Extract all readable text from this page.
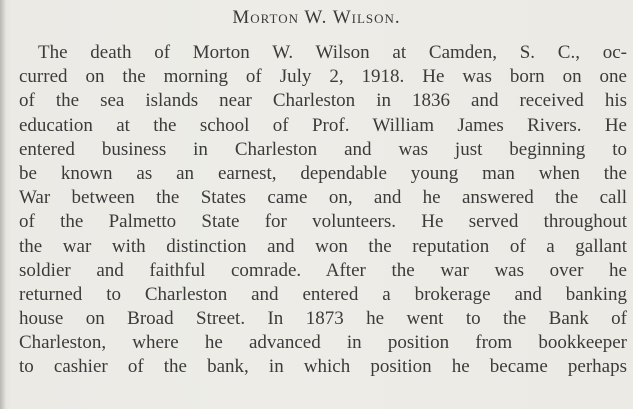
Morton W. Wilson.
The death of Morton W. Wilson at Camden, S. C., oc-
curred on the morning of July 2, 1918. He was born on one
of the sea islands near Charleston in 1836 and received his
education at the school of Prof. William James Rivers. He
entered business in Charleston and was just beginning to
be known as an earnest, dependable young man when the
War between the States came on, and he answered the call
of the Palmetto State for volunteers. He served throughout
the war with distinction and won the reputation of a gallant
soldier and faithful comrade. After the war was over he
returned to Charleston and entered a brokerage and banking
house on Broad Street. In 1873 he went to the Bank of
Charleston, where he advanced in position from bookkeeper
to cashier of the bank, in which position he became perhaps
